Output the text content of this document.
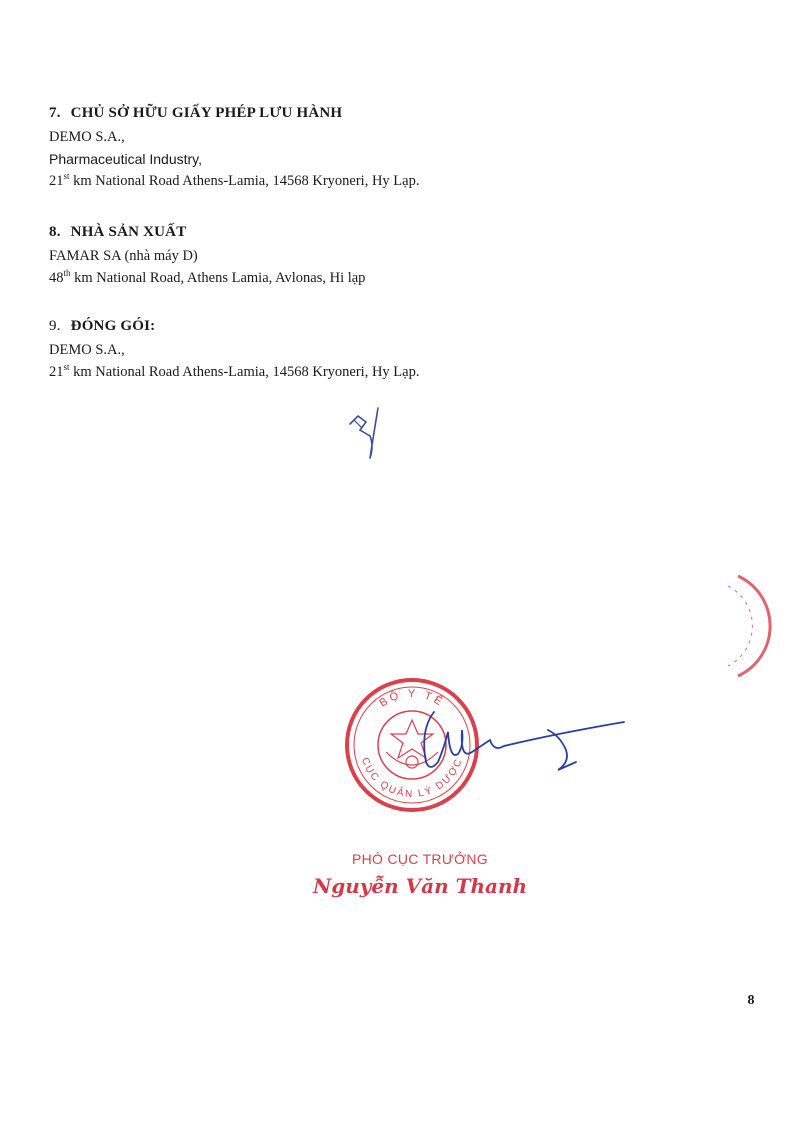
7. CHỦ SỞ HỮU GIẤY PHÉP LƯU HÀNH

DEMO S.A.,

Pharmaceutical Industry,

21st km National Road Athens-Lamia, 14568 Kryoneri, Hy Lạp.

8. NHÀ SẢN XUẤT

FAMAR SA (nhà máy D)

48th km National Road, Athens Lamia, Avlonas, Hi lạp

9. ĐÓNG GÓI:

DEMO S.A.,

21st km National Road Athens-Lamia, 14568 Kryoneri, Hy Lạp.

BỘ Y TẾ
CỤC QUẢN LÝ DƯỢC
PHÓ CỤC TRƯỞNG
Nguyễn Văn Thanh
8
